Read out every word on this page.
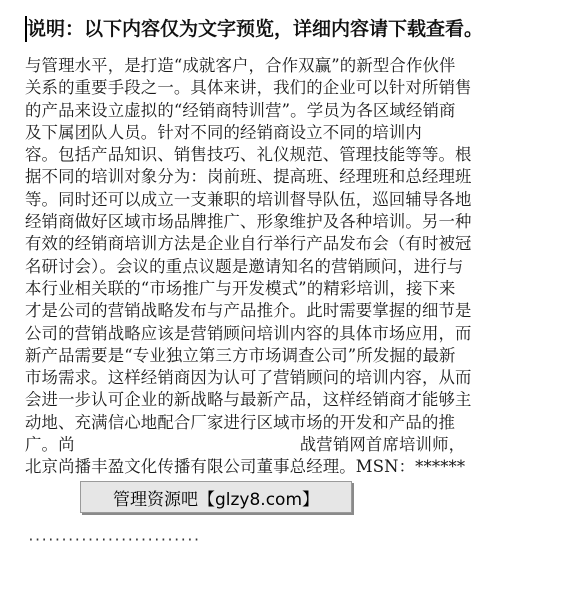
说明：以下内容仅为文字预览，详细内容请下载查看。
与管理水平，是打造“成就客户，合作双赢”的新型合作伙伴
关系的重要手段之一。具体来讲，我们的企业可以针对所销售
的产品来设立虚拟的“经销商特训营”。学员为各区域经销商
及下属团队人员。针对不同的经销商设立不同的培训内
容。包括产品知识、销售技巧、礼仪规范、管理技能等等。根
据不同的培训对象分为：岗前班、提高班、经理班和总经理班
等。同时还可以成立一支兼职的培训督导队伍，巡回辅导各地
经销商做好区域市场品牌推广、形象维护及各种培训。另一种
有效的经销商培训方法是企业自行举行产品发布会（有时被冠
名研讨会）。会议的重点议题是邀请知名的营销顾问，进行与
本行业相关联的“市场推广与开发模式”的精彩培训，接下来
才是公司的营销战略发布与产品推介。此时需要掌握的细节是
公司的营销战略应该是营销顾问培训内容的具体市场应用，而
新产品需要是“专业独立第三方市场调查公司”所发掘的最新
市场需求。这样经销商因为认可了营销顾问的培训内容，从而
会进一步认可企业的新战略与最新产品，这样经销商才能够主
动地、充满信心地配合厂家进行区域市场的开发和产品的推
广。尚                                          战营销网首席培训师，
北京尚播丰盈文化传播有限公司董事总经理。MSN：******
··························
管理资源吧【glzy8.com】
